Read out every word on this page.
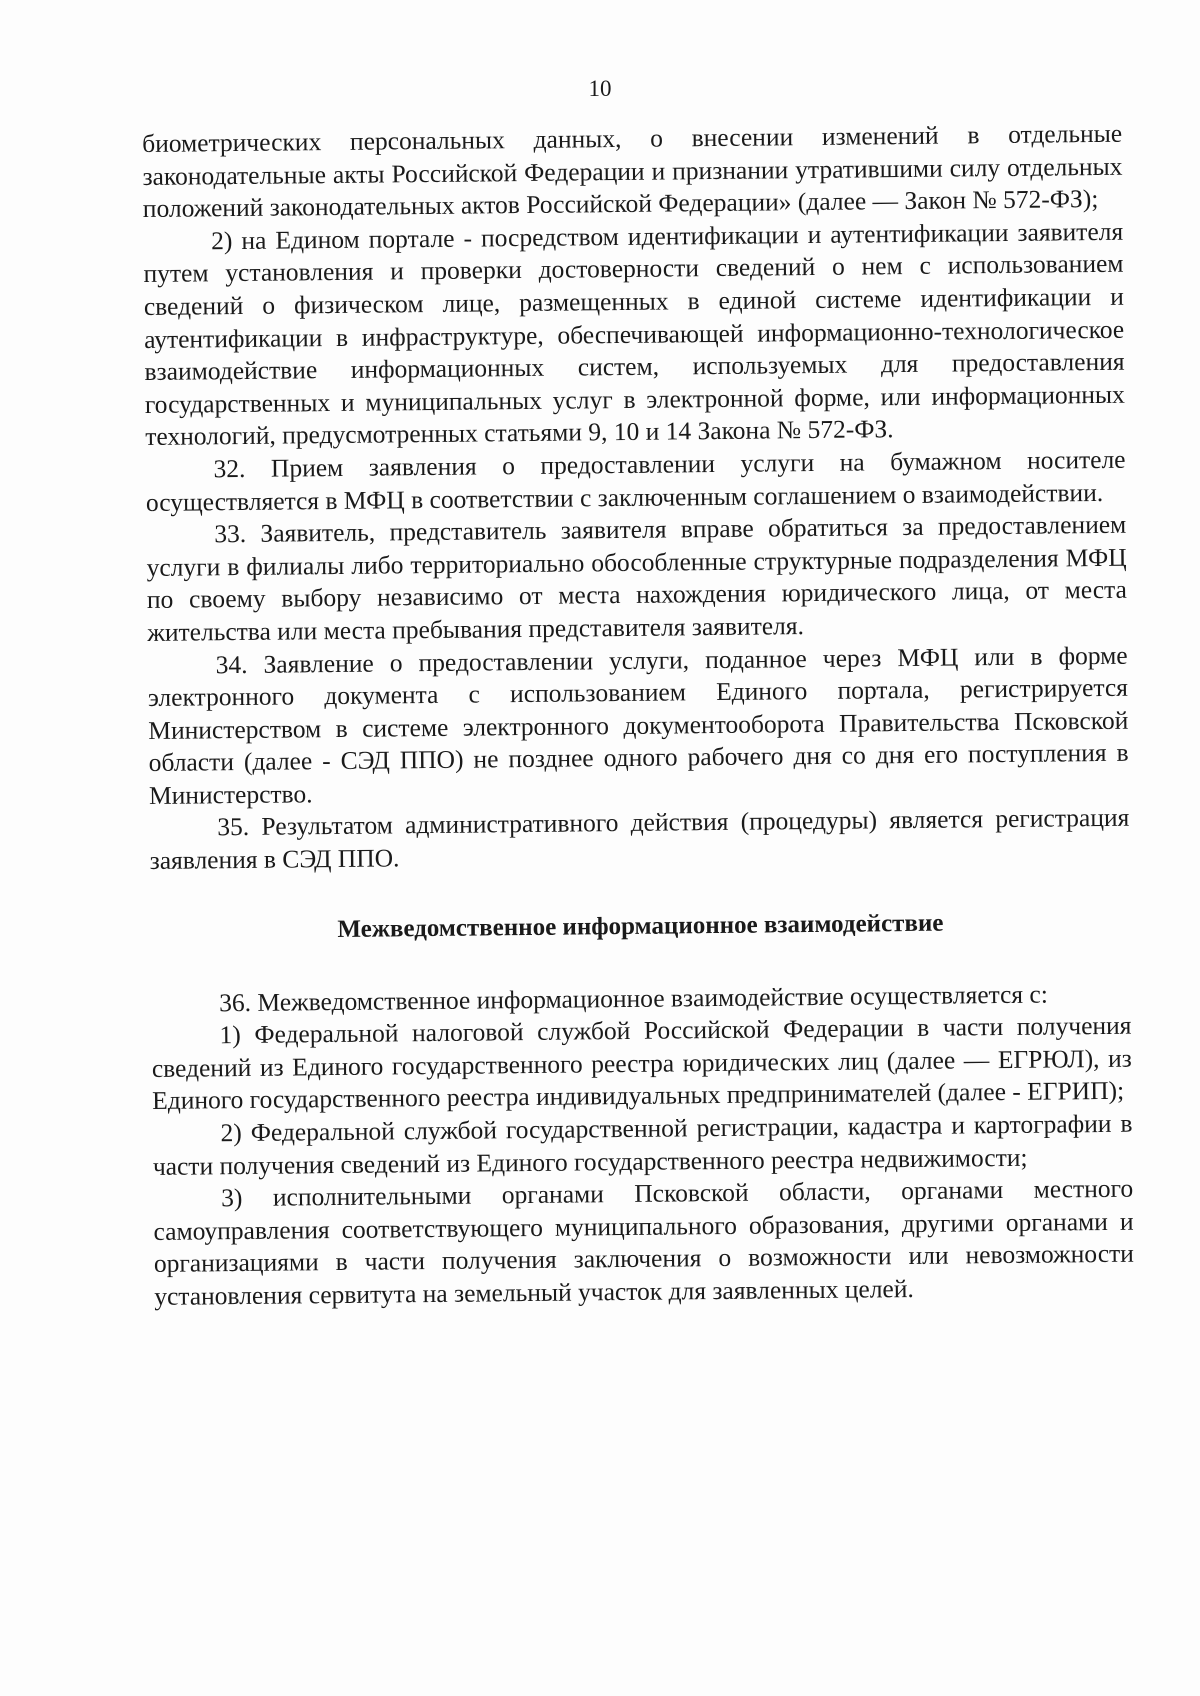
10

биометрических персональных данных, о внесении изменений в отдельные законодательные акты Российской Федерации и признании утратившими силу отдельных положений законодательных актов Российской Федерации» (далее — Закон № 572-ФЗ);

2) на Едином портале - посредством идентификации и аутентификации заявителя путем установления и проверки достоверности сведений о нем с использованием сведений о физическом лице, размещенных в единой системе идентификации и аутентификации в инфраструктуре, обеспечивающей информационно-технологическое взаимодействие информационных систем, используемых для предоставления государственных и муниципальных услуг в электронной форме, или информационных технологий, предусмотренных статьями 9, 10 и 14 Закона № 572-ФЗ.

32. Прием заявления о предоставлении услуги на бумажном носителе осуществляется в МФЦ в соответствии с заключенным соглашением о взаимодействии.

33. Заявитель, представитель заявителя вправе обратиться за предоставлением услуги в филиалы либо территориально обособленные структурные подразделения МФЦ по своему выбору независимо от места нахождения юридического лица, от места жительства или места пребывания представителя заявителя.

34. Заявление о предоставлении услуги, поданное через МФЦ или в форме электронного документа с использованием Единого портала, регистрируется Министерством в системе электронного документооборота Правительства Псковской области (далее - СЭД ППО) не позднее одного рабочего дня со дня его поступления в Министерство.

35. Результатом административного действия (процедуры) является регистрация заявления в СЭД ППО.

Межведомственное информационное взаимодействие

36. Межведомственное информационное взаимодействие осуществляется с:

1) Федеральной налоговой службой Российской Федерации в части получения сведений из Единого государственного реестра юридических лиц (далее — ЕГРЮЛ), из Единого государственного реестра индивидуальных предпринимателей (далее - ЕГРИП);

2) Федеральной службой государственной регистрации, кадастра и картографии в части получения сведений из Единого государственного реестра недвижимости;

3) исполнительными органами Псковской области, органами местного самоуправления соответствующего муниципального образования, другими органами и организациями в части получения заключения о возможности или невозможности установления сервитута на земельный участок для заявленных целей.
